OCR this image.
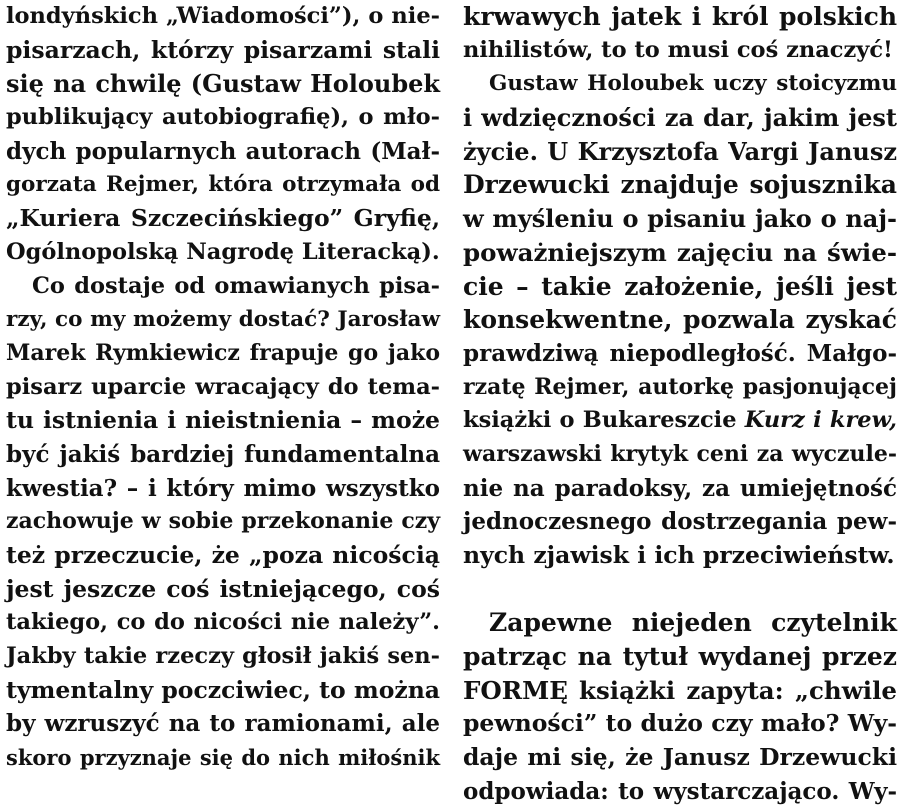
londyńskich „Wiadomości”), o nie-
pisarzach, którzy pisarzami stali
się na chwilę (Gustaw Holoubek
publikujący autobiografię), o mło-
dych popularnych autorach (Mał-
gorzata Rejmer, która otrzymała od
„Kuriera Szczecińskiego” Gryfię,
Ogólnopolską Nagrodę Literacką).
Co dostaje od omawianych pisa-
rzy, co my możemy dostać? Jarosław
Marek Rymkiewicz frapuje go jako
pisarz uparcie wracający do tema-
tu istnienia i nieistnienia – może
być jakiś bardziej fundamentalna
kwestia? – i który mimo wszystko
zachowuje w sobie przekonanie czy
też przeczucie, że „poza nicością
jest jeszcze coś istniejącego, coś
takiego, co do nicości nie należy”.
Jakby takie rzeczy głosił jakiś sen-
tymentalny poczciwiec, to można
by wzruszyć na to ramionami, ale
skoro przyznaje się do nich miłośnik
krwawych jatek i król polskich
nihilistów, to to musi coś znaczyć!
Gustaw Holoubek uczy stoicyzmu
i wdzięczności za dar, jakim jest
życie. U Krzysztofa Vargi Janusz
Drzewucki znajduje sojusznika
w myśleniu o pisaniu jako o naj-
poważniejszym zajęciu na świe-
cie – takie założenie, jeśli jest
konsekwentne, pozwala zyskać
prawdziwą niepodległość. Małgo-
rzatę Rejmer, autorkę pasjonującej
książki o Bukareszcie Kurz i krew,
warszawski krytyk ceni za wyczule-
nie na paradoksy, za umiejętność
jednoczesnego dostrzegania pew-
nych zjawisk i ich przeciwieństw.
Zapewne niejeden czytelnik
patrząc na tytuł wydanej przez
FORMĘ książki zapyta: „chwile
pewności” to dużo czy mało? Wy-
daje mi się, że Janusz Drzewucki
odpowiada: to wystarczająco. Wy-
